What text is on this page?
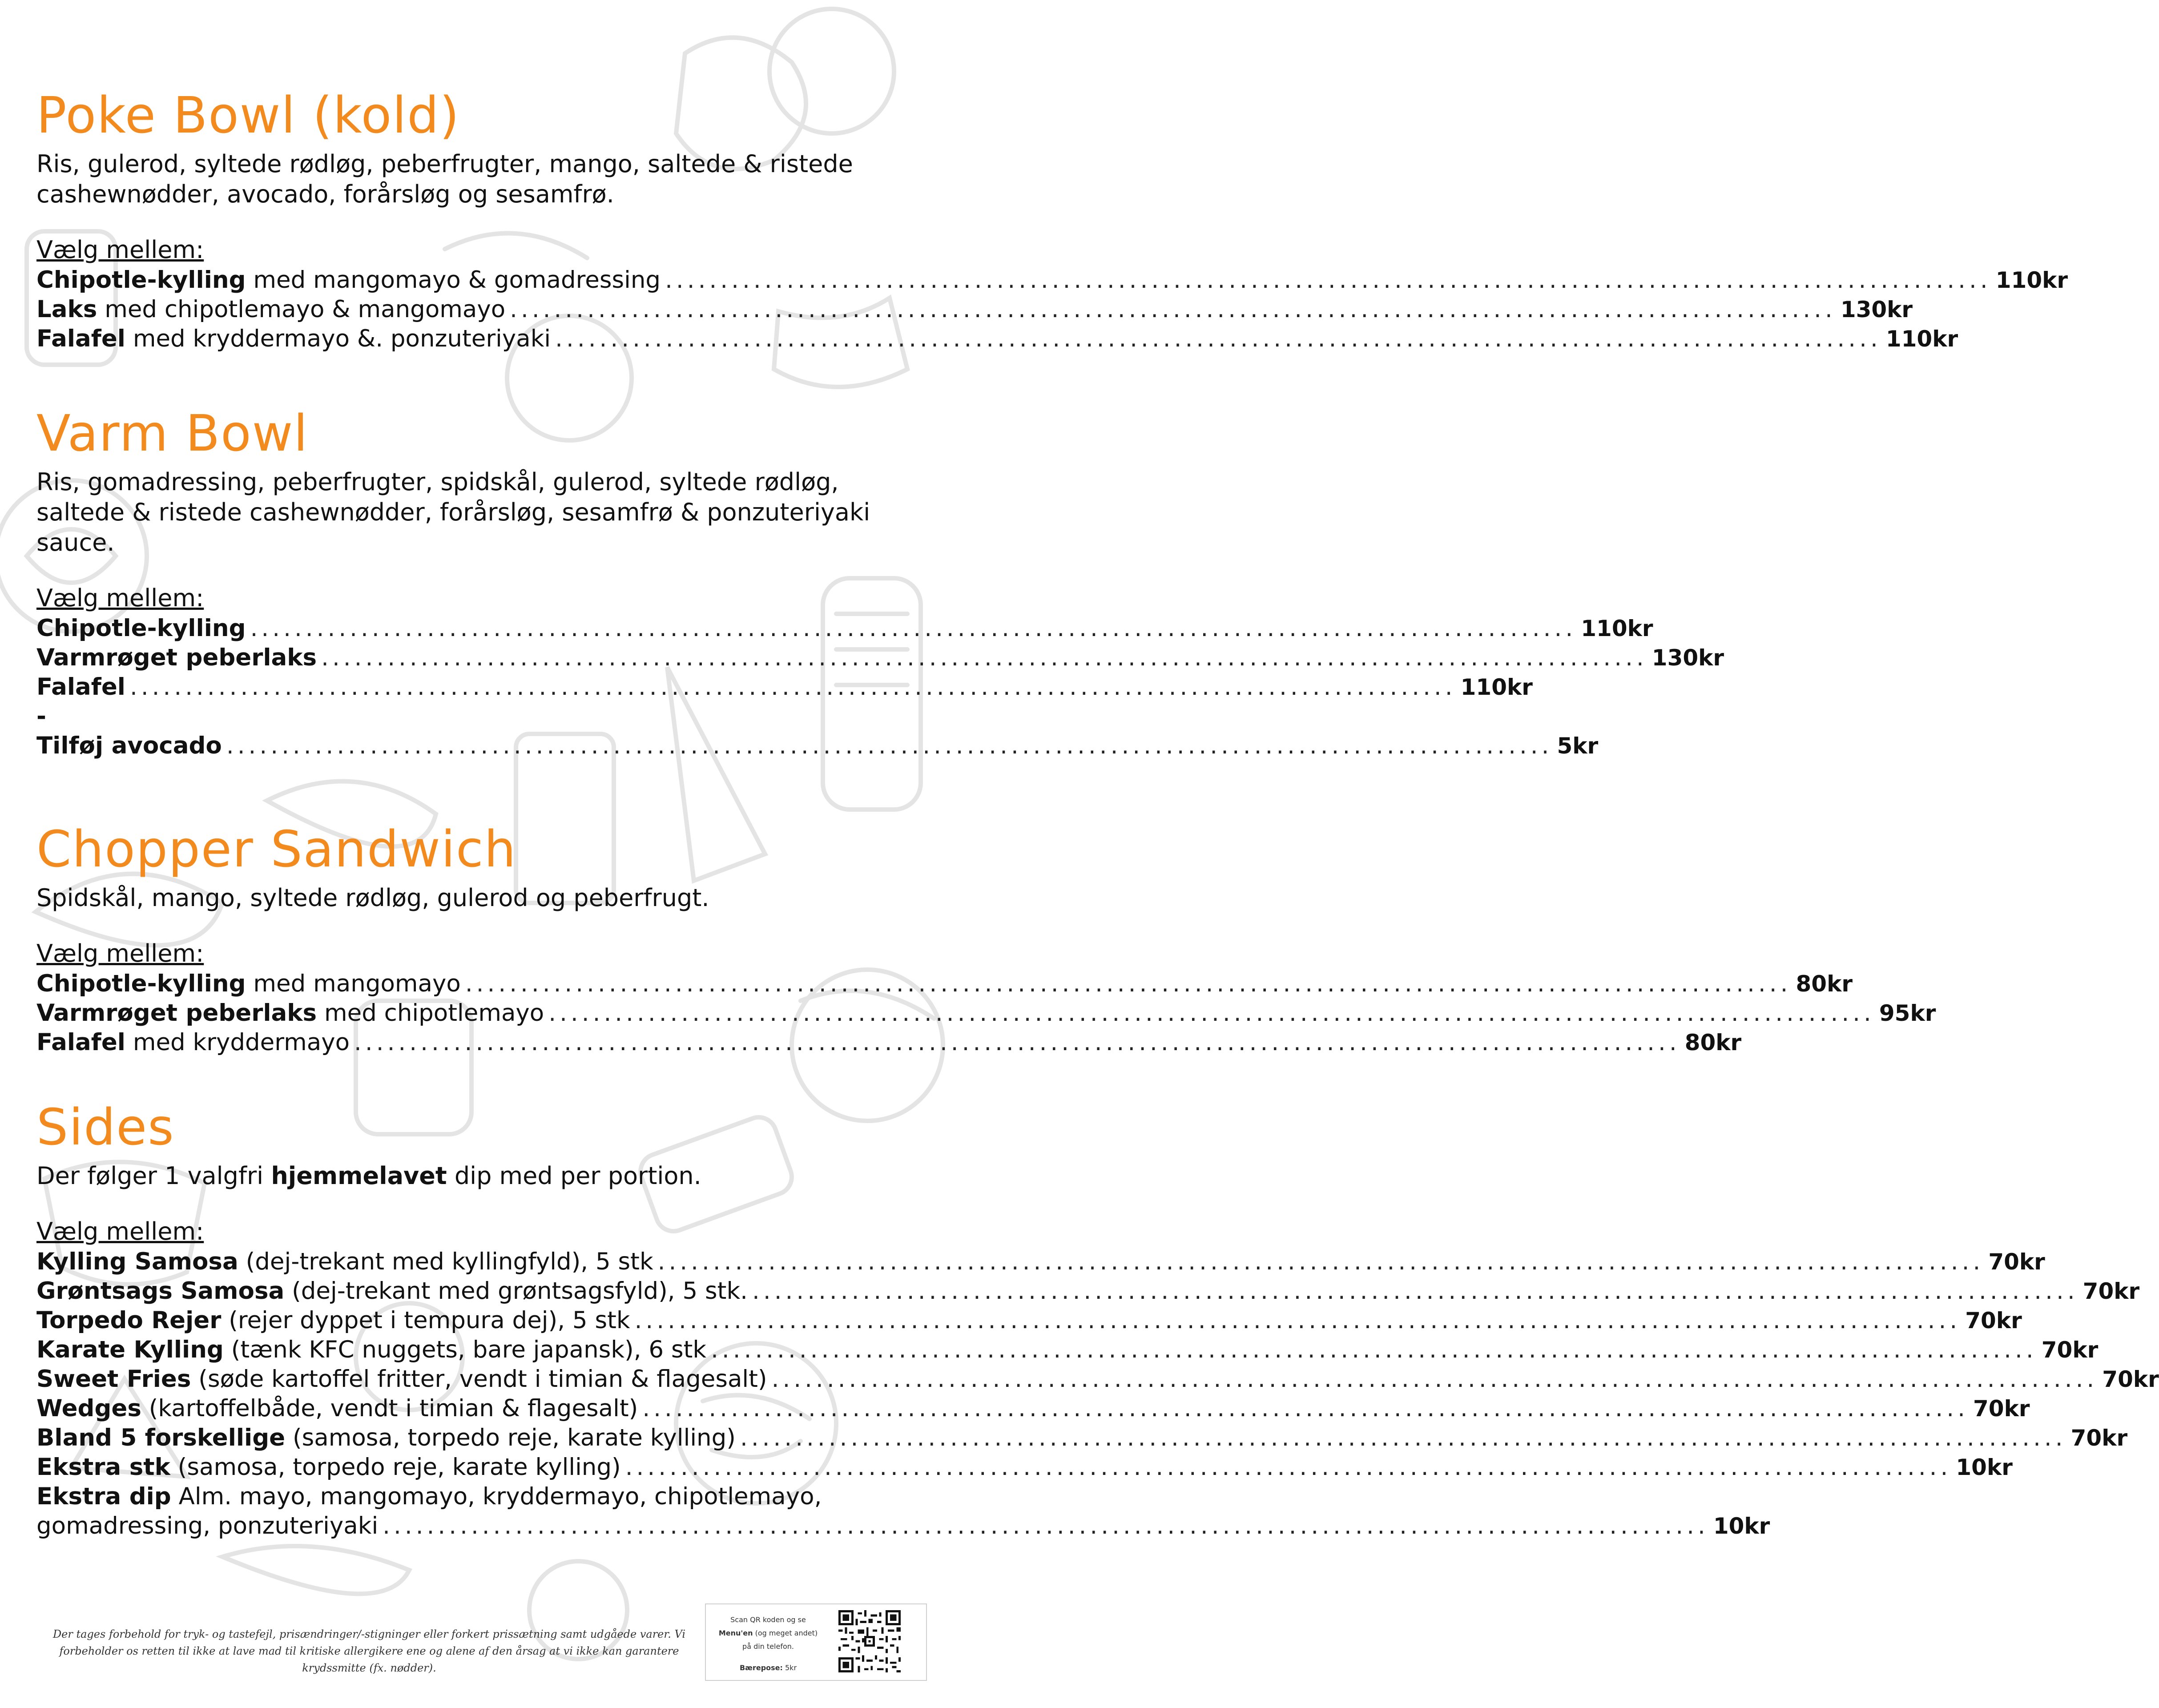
Poke Bowl (kold)

Ris, gulerod, syltede rødløg, peberfrugter, mango, saltede & ristede cashewnødder, avocado, forårsløg og sesamfrø.

Vælg mellem:
Chipotle-kylling med mangomayo & gomadressing ........................................................................................................................ 110kr
Laks med chipotlemayo & mangomayo ........................................................................................................................ 130kr
Falafel med kryddermayo &. ponzuteriyaki ........................................................................................................................ 110kr
Varm Bowl

Ris, gomadressing, peberfrugter, spidskål, gulerod, syltede rødløg, saltede & ristede cashewnødder, forårsløg, sesamfrø & ponzuteriyaki sauce.

Vælg mellem:
Chipotle-kylling ........................................................................................................................ 110kr
Varmrøget peberlaks ........................................................................................................................ 130kr
Falafel ........................................................................................................................ 110kr
-
Tilføj avocado ........................................................................................................................ 5kr
Chopper Sandwich

Spidskål, mango, syltede rødløg, gulerod og peberfrugt.

Vælg mellem:
Chipotle-kylling med mangomayo ........................................................................................................................ 80kr
Varmrøget peberlaks med chipotlemayo ........................................................................................................................ 95kr
Falafel med kryddermayo ........................................................................................................................ 80kr
Sides

Der følger 1 valgfri hjemmelavet dip med per portion.

Vælg mellem:
Kylling Samosa (dej-trekant med kyllingfyld), 5 stk ........................................................................................................................ 70kr
Grøntsags Samosa (dej-trekant med grøntsagsfyld), 5 stk. ........................................................................................................................ 70kr
Torpedo Rejer (rejer dyppet i tempura dej), 5 stk ........................................................................................................................ 70kr
Karate Kylling (tænk KFC nuggets, bare japansk), 6 stk ........................................................................................................................ 70kr
Sweet Fries (søde kartoffel fritter, vendt i timian & flagesalt) ........................................................................................................................ 70kr
Wedges (kartoffelbåde, vendt i timian & flagesalt) ........................................................................................................................ 70kr
Bland 5 forskellige (samosa, torpedo reje, karate kylling) ........................................................................................................................ 70kr
Ekstra stk (samosa, torpedo reje, karate kylling) ........................................................................................................................ 10kr
Ekstra dip Alm. mayo, mangomayo, kryddermayo, chipotlemayo,
gomadressing, ponzuteriyaki ........................................................................................................................ 10kr
Der tages forbehold for tryk- og tastefejl, prisændringer/-stigninger eller forkert prissætning samt udgåede varer. Vi forbeholder os retten til ikke at lave mad til kritiske allergikere ene og alene af den årsag at vi ikke kan garantere krydssmitte (fx. nødder).
Scan QR koden og se
Menu'en (og meget andet)
på din telefon.
Bærepose: 5kr
